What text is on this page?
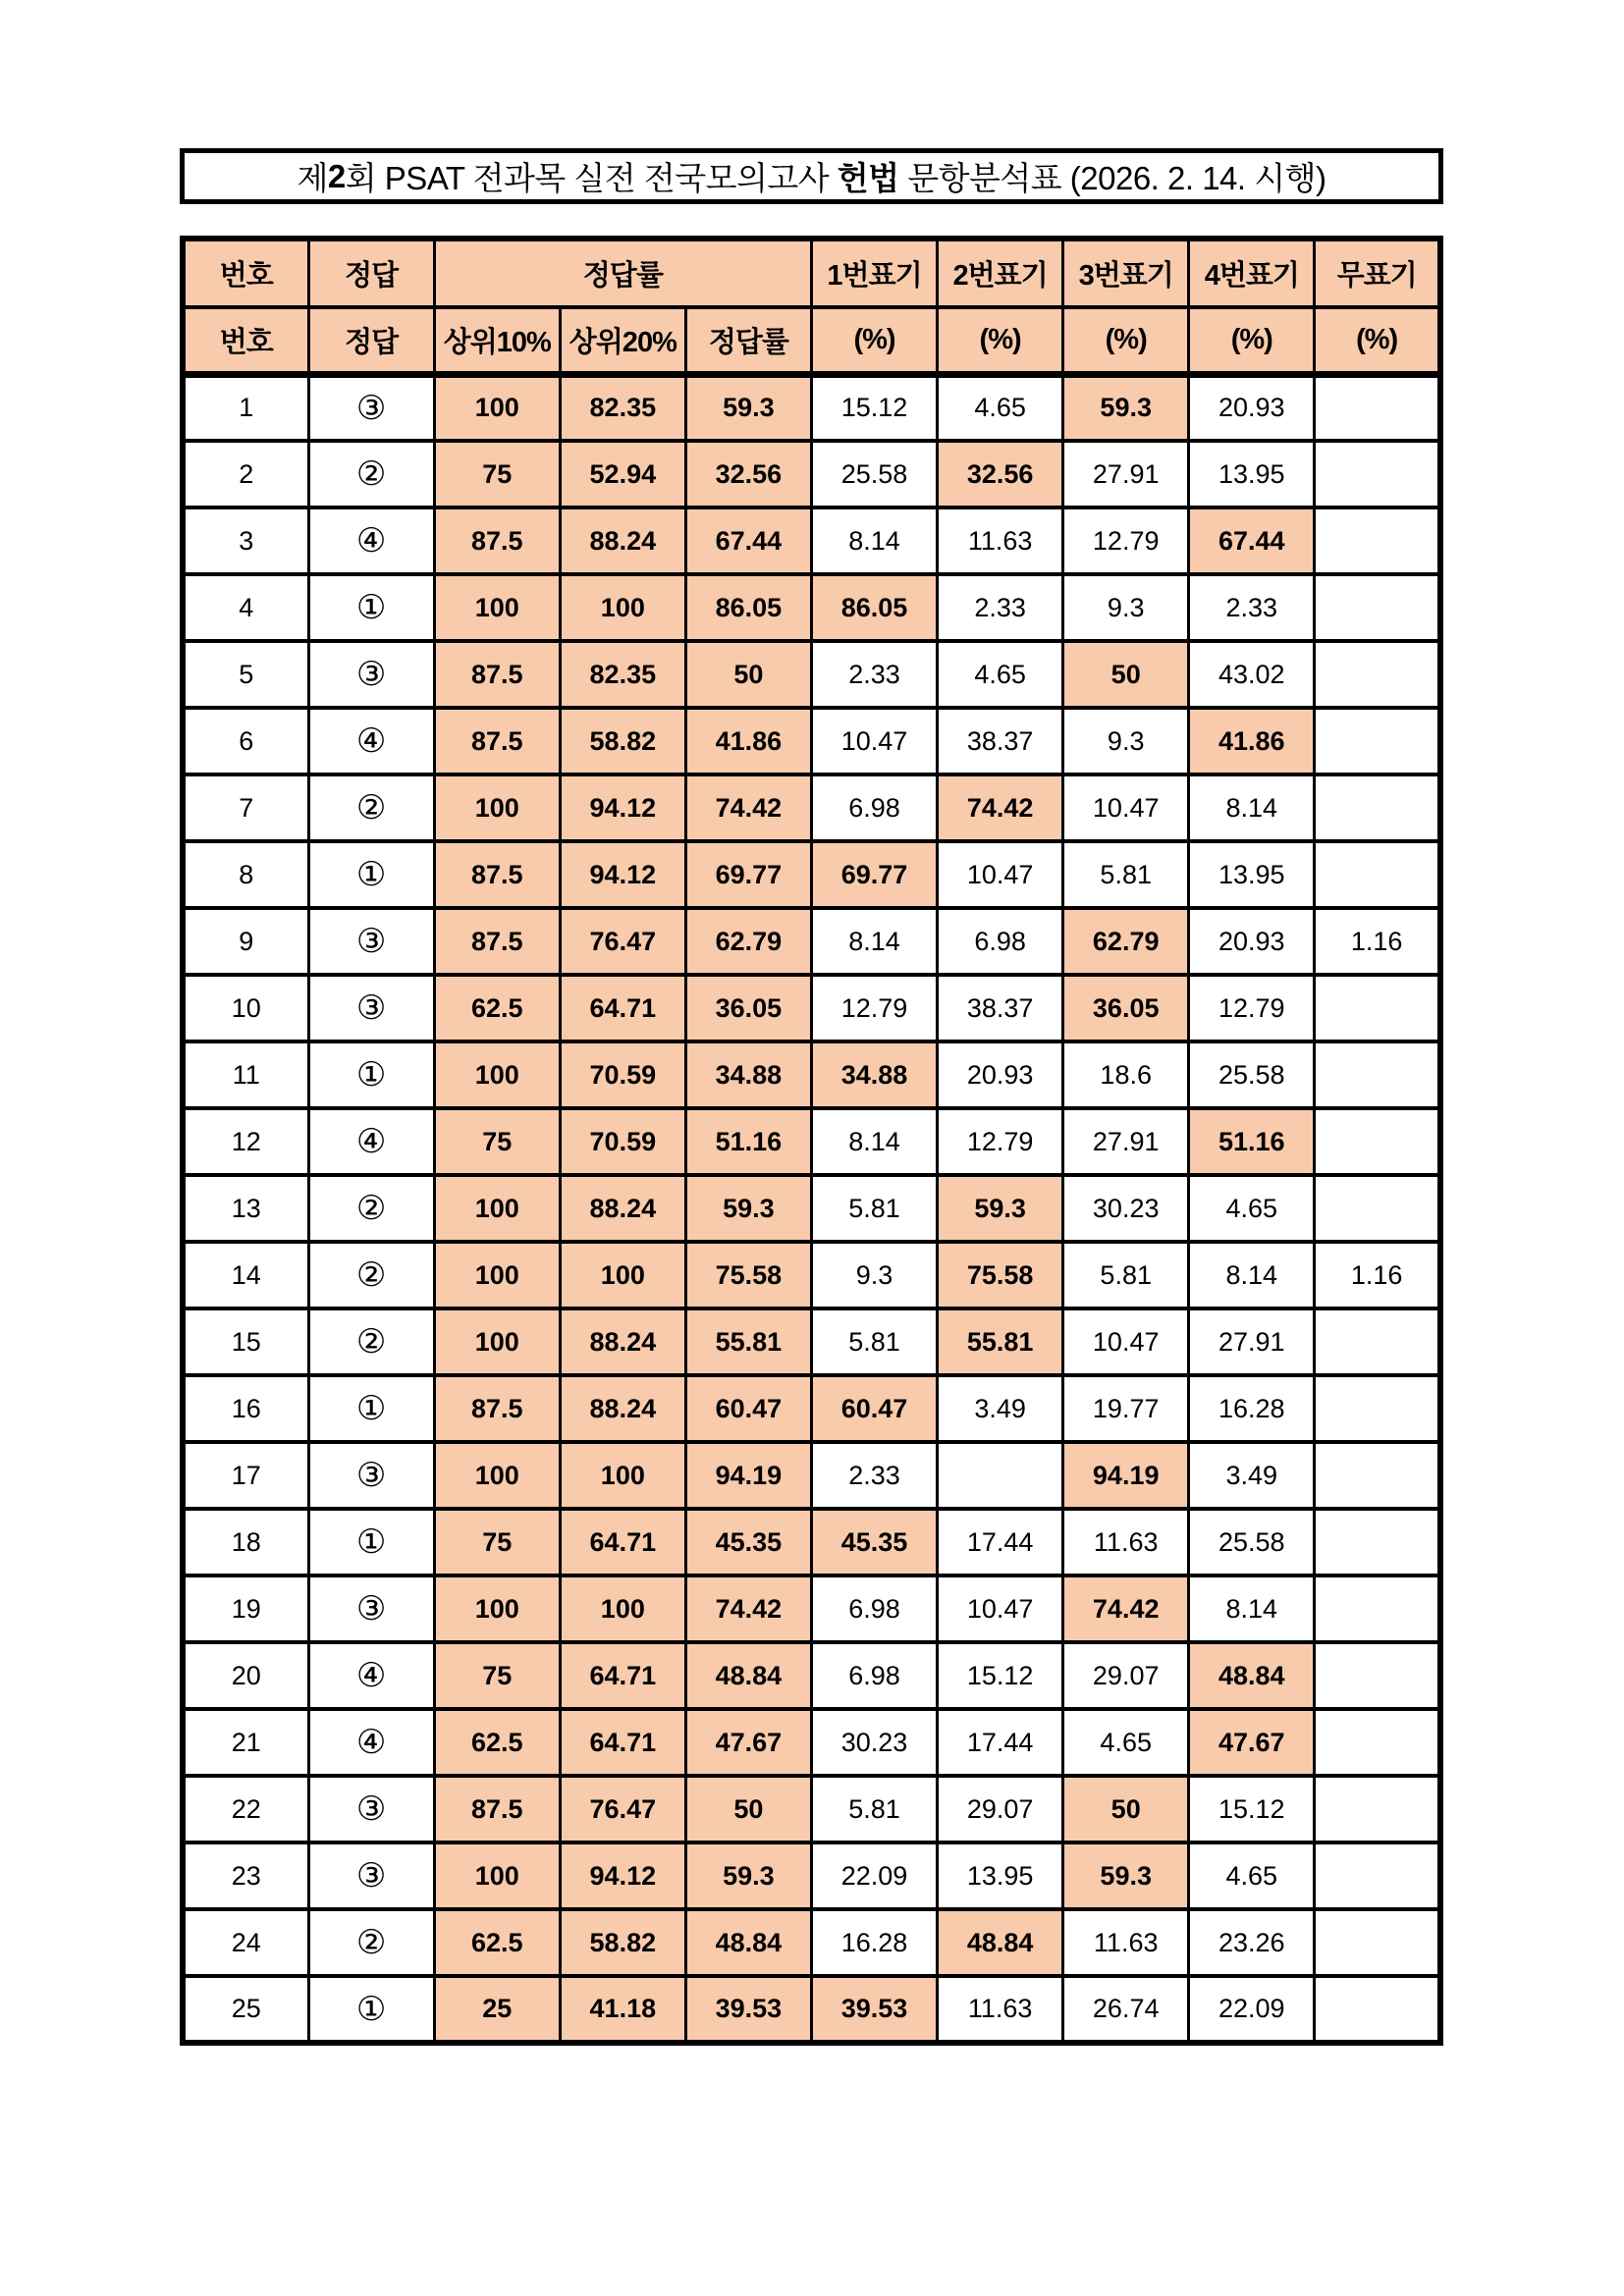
제 2 회 PSAT 전과목 실전 전국모의고사 헌법 문항분석표 (2026. 2. 14. 시행)
번호	정답	정답률			1번표기	2번표기	3번표기	4번표기	무표기
번호	정답	상위10%	상위20%	정답률	(%)	(%)	(%)	(%)	(%)
1	③	100	82.35	59.3	15.12	4.65	59.3	20.93	
2	②	75	52.94	32.56	25.58	32.56	27.91	13.95	
3	④	87.5	88.24	67.44	8.14	11.63	12.79	67.44	
4	①	100	100	86.05	86.05	2.33	9.3	2.33	
5	③	87.5	82.35	50	2.33	4.65	50	43.02	
6	④	87.5	58.82	41.86	10.47	38.37	9.3	41.86	
7	②	100	94.12	74.42	6.98	74.42	10.47	8.14	
8	①	87.5	94.12	69.77	69.77	10.47	5.81	13.95	
9	③	87.5	76.47	62.79	8.14	6.98	62.79	20.93	1.16
10	③	62.5	64.71	36.05	12.79	38.37	36.05	12.79	
11	①	100	70.59	34.88	34.88	20.93	18.6	25.58	
12	④	75	70.59	51.16	8.14	12.79	27.91	51.16	
13	②	100	88.24	59.3	5.81	59.3	30.23	4.65	
14	②	100	100	75.58	9.3	75.58	5.81	8.14	1.16
15	②	100	88.24	55.81	5.81	55.81	10.47	27.91	
16	①	87.5	88.24	60.47	60.47	3.49	19.77	16.28	
17	③	100	100	94.19	2.33		94.19	3.49	
18	①	75	64.71	45.35	45.35	17.44	11.63	25.58	
19	③	100	100	74.42	6.98	10.47	74.42	8.14	
20	④	75	64.71	48.84	6.98	15.12	29.07	48.84	
21	④	62.5	64.71	47.67	30.23	17.44	4.65	47.67	
22	③	87.5	76.47	50	5.81	29.07	50	15.12	
23	③	100	94.12	59.3	22.09	13.95	59.3	4.65	
24	②	62.5	58.82	48.84	16.28	48.84	11.63	23.26	
25	①	25	41.18	39.53	39.53	11.63	26.74	22.09	
